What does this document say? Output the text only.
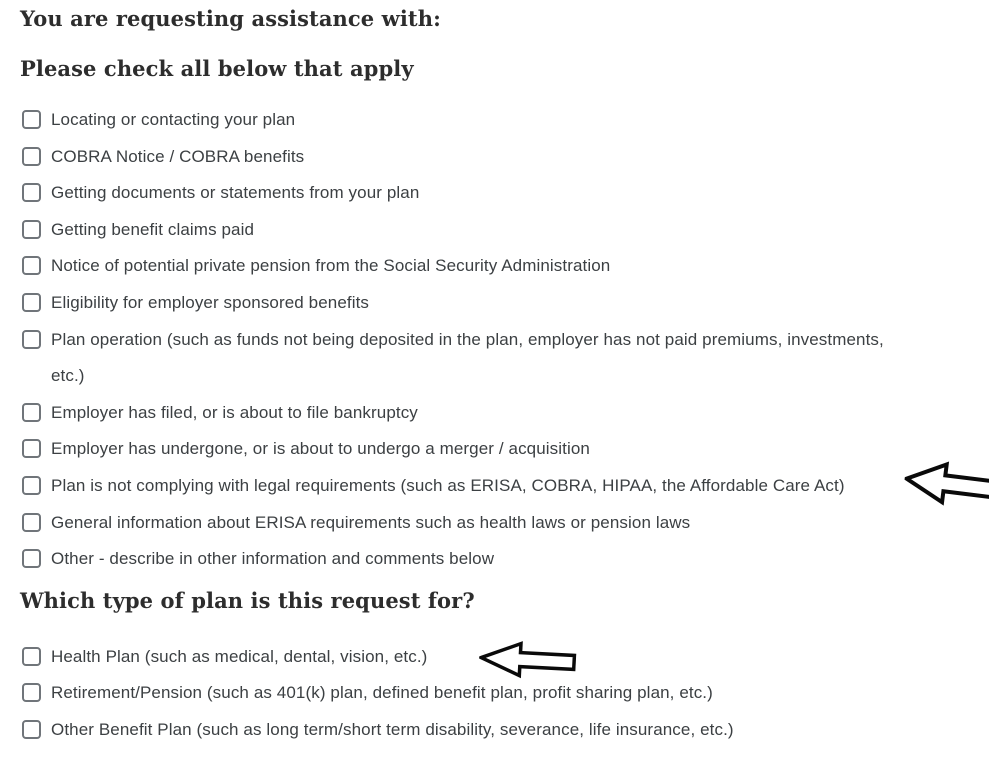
You are requesting assistance with:
Please check all below that apply
Locating or contacting your plan
COBRA Notice / COBRA benefits
Getting documents or statements from your plan
Getting benefit claims paid
Notice of potential private pension from the Social Security Administration
Eligibility for employer sponsored benefits
Plan operation (such as funds not being deposited in the plan, employer has not paid premiums, investments,
etc.)
Employer has filed, or is about to file bankruptcy
Employer has undergone, or is about to undergo a merger / acquisition
Plan is not complying with legal requirements (such as ERISA, COBRA, HIPAA, the Affordable Care Act)
General information about ERISA requirements such as health laws or pension laws
Other - describe in other information and comments below
Which type of plan is this request for?
Health Plan (such as medical, dental, vision, etc.)
Retirement/Pension (such as 401(k) plan, defined benefit plan, profit sharing plan, etc.)
Other Benefit Plan (such as long term/short term disability, severance, life insurance, etc.)
